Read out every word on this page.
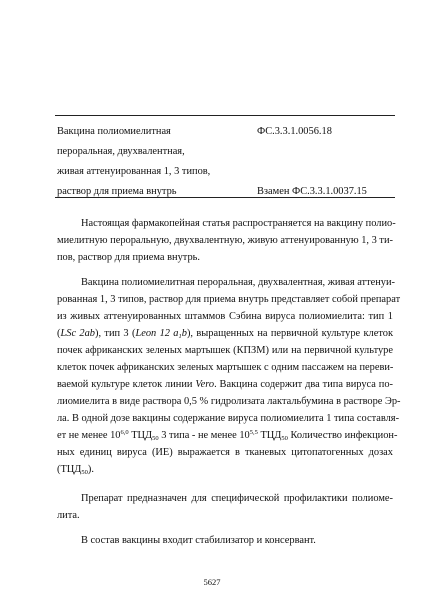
Вакцина полиомиелитная	ФС.3.3.1.0056.18
пероральная, двухвалентная,
живая аттенуированная 1, 3 типов,
раствор для приема внутрь	Взамен ФС.3.3.1.0037.15
Настоящая фармакопейная статья распространяется на вакцину полио-
миелитную пероральную, двухвалентную, живую аттенуированную 1, 3 ти-
пов, раствор для приема внутрь.
Вакцина полиомиелитная пероральная, двухвалентная, живая аттенуи-
рованная 1, 3 типов, раствор для приема внутрь представляет собой препарат
из живых аттенуированных штаммов Сэбина вируса полиомиелита: тип 1
(LSc 2ab), тип 3 (Leon 12 $a_1b$), выращенных на первичной культуре клеток
почек африканских зеленых мартышек (КПЗМ) или на первичной культуре
клеток почек африканских зеленых мартышек с одним пассажем на переви-
ваемой культуре клеток линии Vero. Вакцина содержит два типа вируса по-
лиомиелита в виде раствора 0,5 % гидролизата лактальбумина в растворе Эр-
ла. В одной дозе вакцины содержание вируса полиомиелита 1 типа составля-
ет не менее 10$^{6,0}$ $ТЦД_{50}$ 3 типа - не менее 10$^{5,5}$ $ТЦД_{50}$ Количество инфекцион-
ных единиц вируса (ИЕ) выражается в тканевых цитопатогенных дозах
$(ТЦД_{50})$.
Препарат предназначен для специфической профилактики полиоме-
лита.
В состав вакцины входит стабилизатор и консервант.
5627
